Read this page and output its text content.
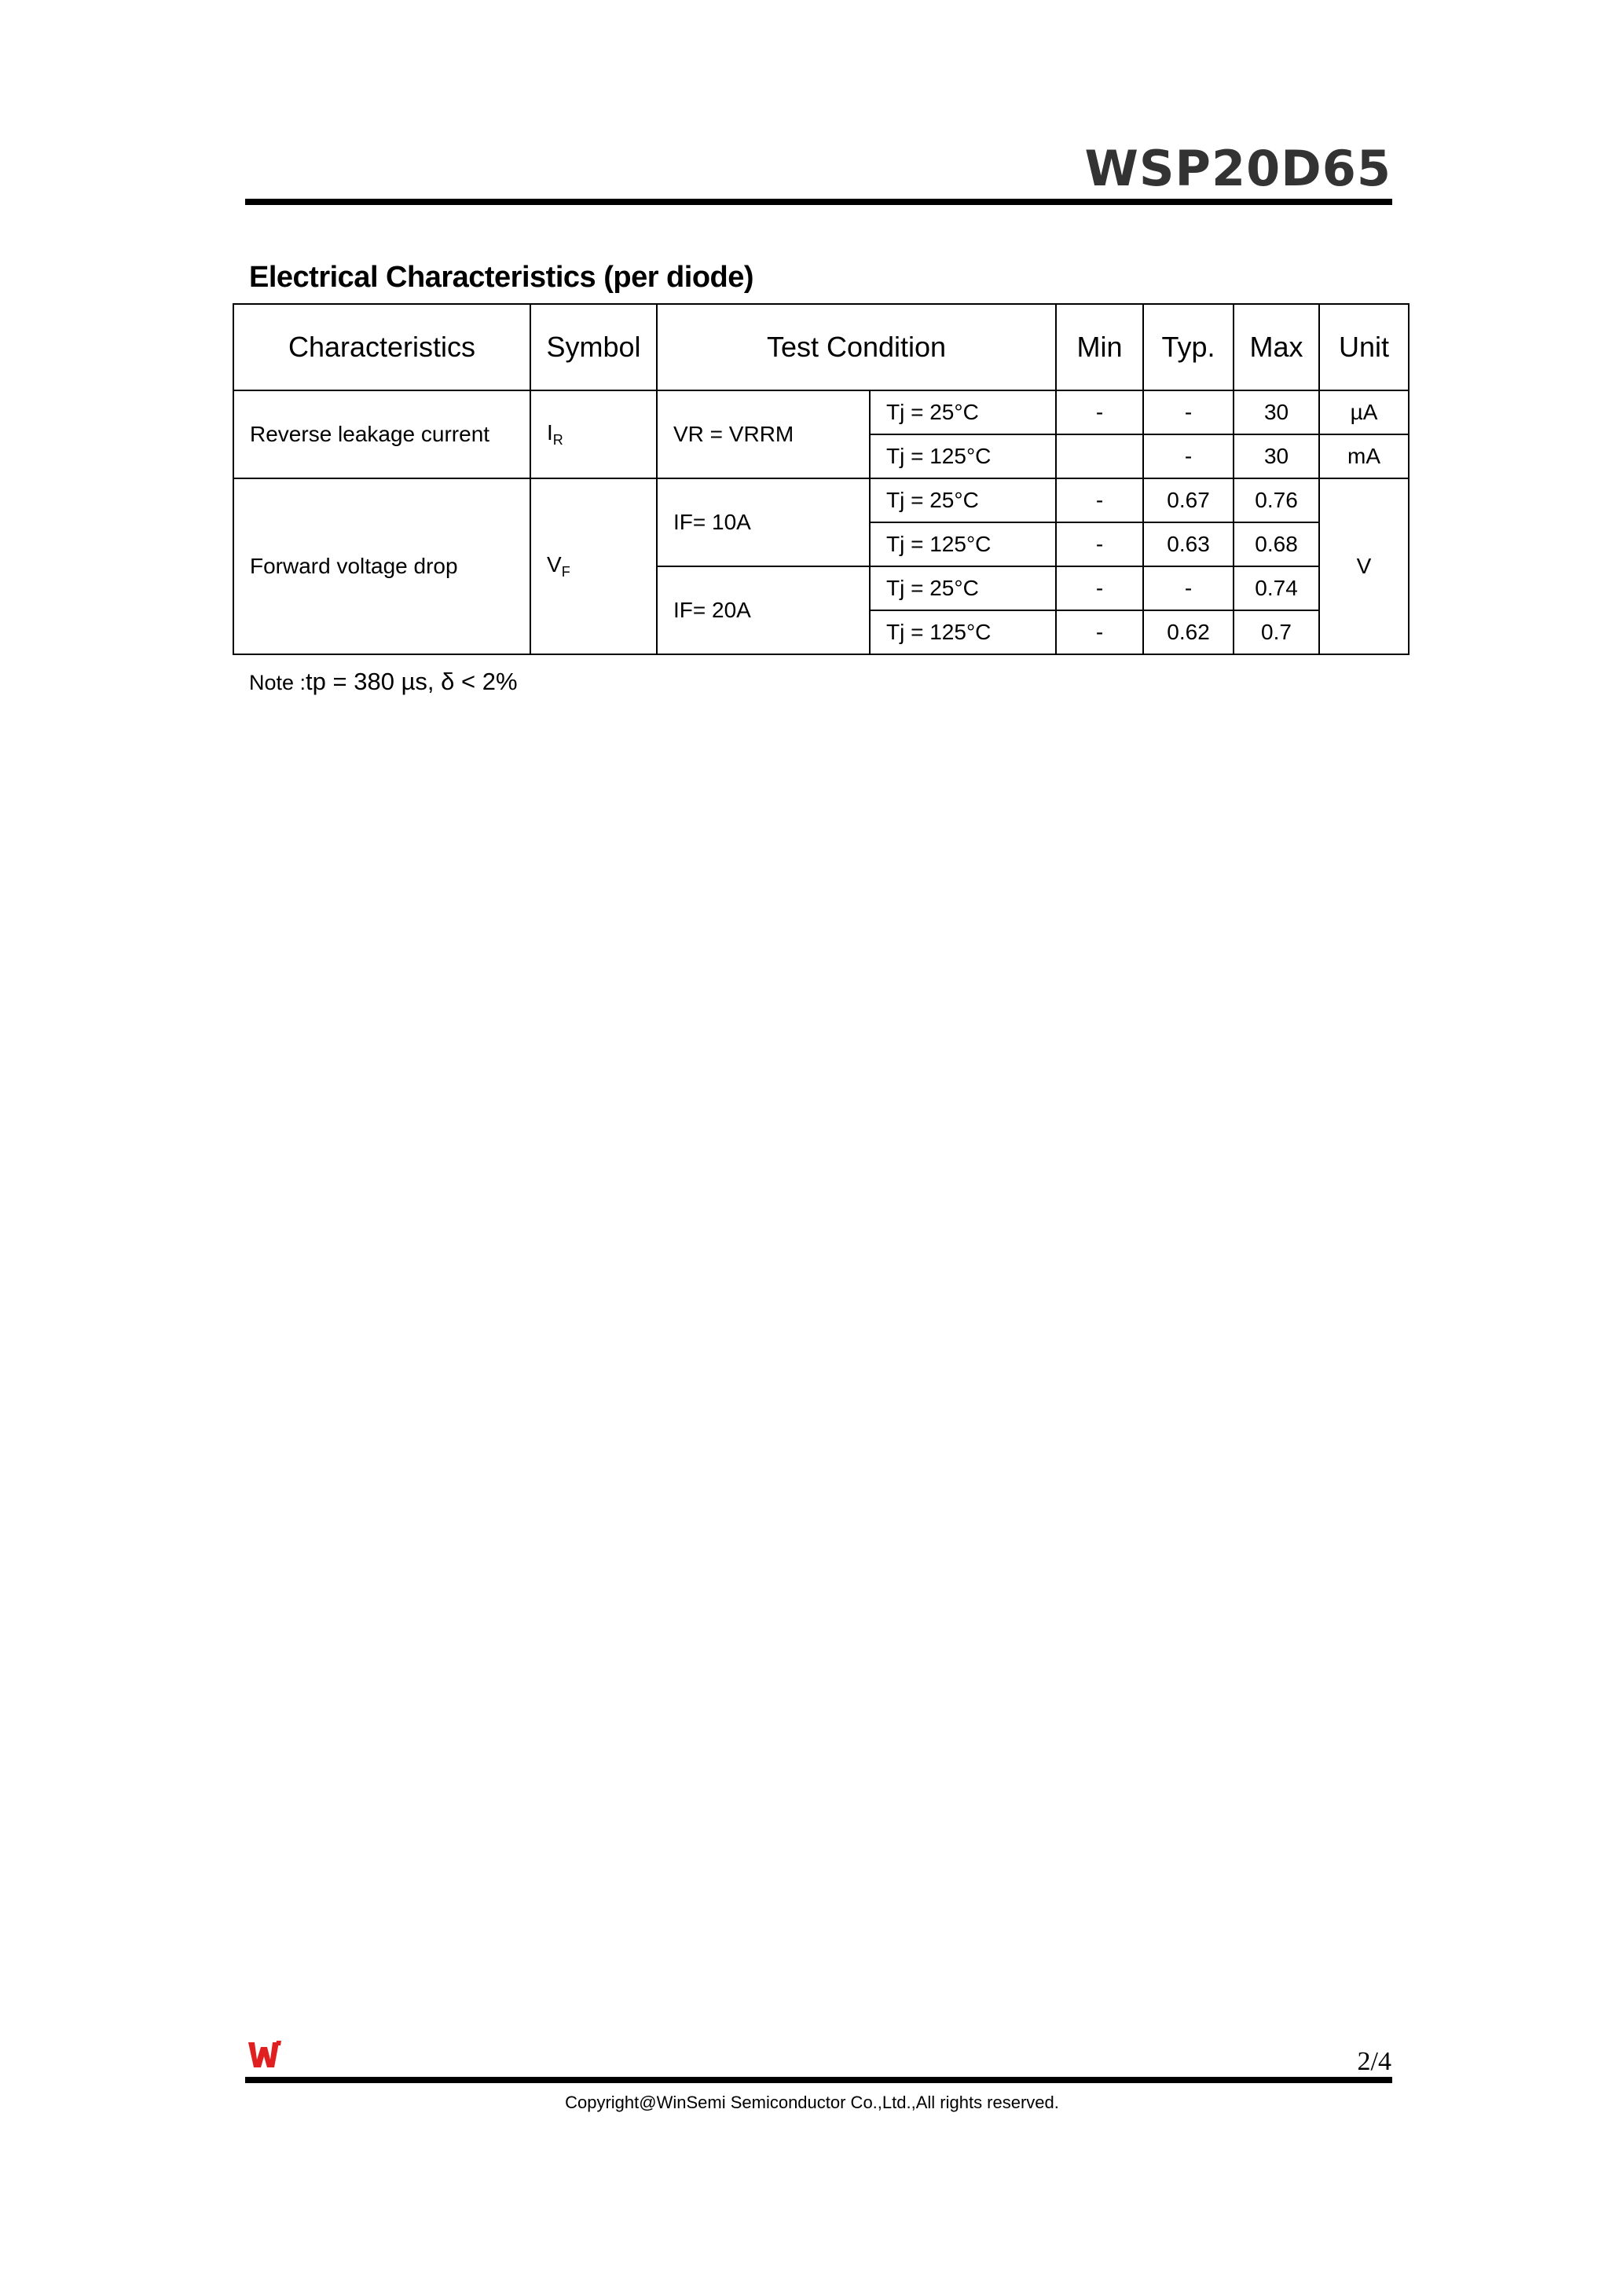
WSP20D65
Electrical Characteristics (per diode)
Characteristics	Symbol	Test Condition		Min	Typ.	Max	Unit
Reverse leakage current	$I_R$	VR = VRRM	Tj = 25°C	-	-	30	µA
			Tj = 125°C		-	30	mA
Forward voltage drop	$V_F$	IF= 10A	Tj = 25°C	-	0.67	0.76	V
			Tj = 125°C	-	0.63	0.68	
		IF= 20A	Tj = 25°C	-	-	0.74	
			Tj = 125°C	-	0.62	0.7	
Note :tp = 380 µs, δ < 2%
2/4
Copyright@WinSemi Semiconductor Co.,Ltd.,All rights reserved.
